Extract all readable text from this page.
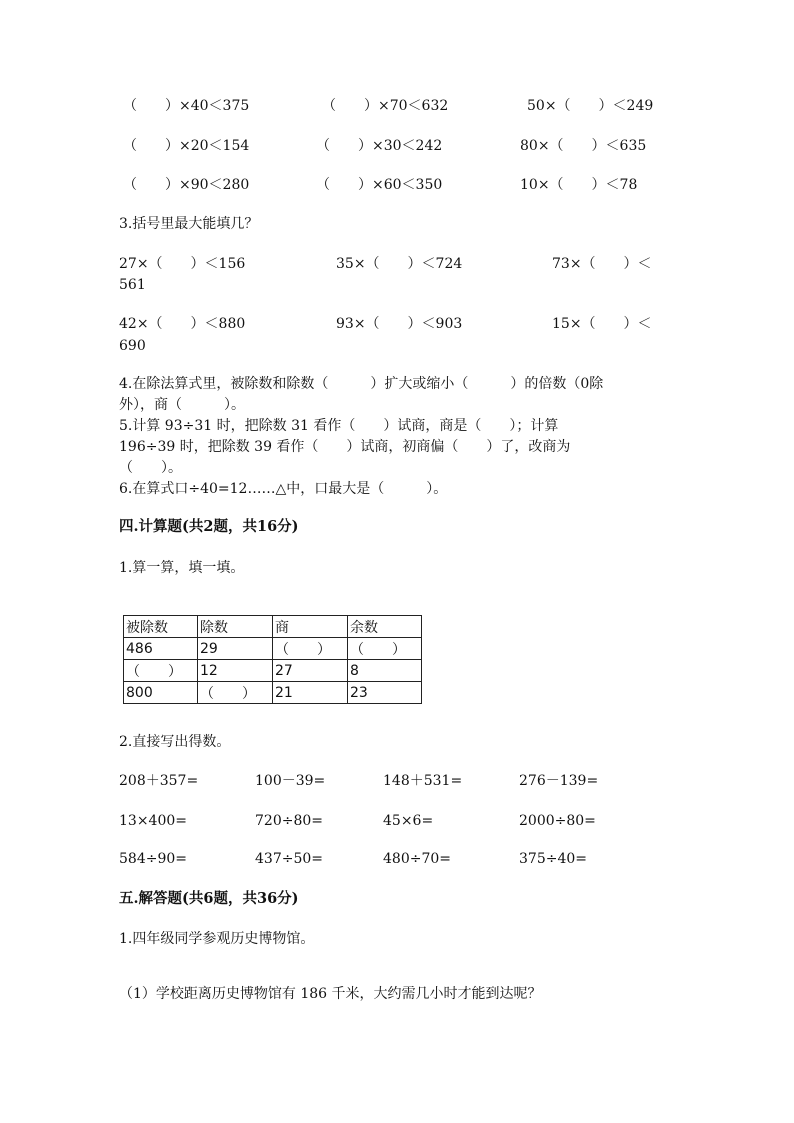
（　　）×40＜375	（　　）×70＜632	50×（　　）＜249
（　　）×20＜154	（　　）×30＜242	80×（　　）＜635
（　　）×90＜280	（　　）×60＜350	10×（　　）＜78
3.括号里最大能填几？
27×（　　）＜156	35×（　　）＜724	73×（　　）＜
561
42×（　　）＜880	93×（　　）＜903	15×（　　）＜
690
4.在除法算式里，被除数和除数（　　　）扩大或缩小（　　　）的倍数（0除
外），商（　　　）。
5.计算 93÷31 时，把除数 31 看作（　　）试商，商是（　　）；计算
196÷39 时，把除数 39 看作（　　）试商，初商偏（　　）了，改商为
（　　）。
6.在算式口÷40=12……△中，口最大是（　　　）。
四.计算题(共2题，共16分)
1.算一算，填一填。
被除数	除数	商	余数
486	29	（　　）	（　　）
（　　）	12	27	8
800	（　　）	21	23
2.直接写出得数。
208＋357=	100－39=	148＋531=	276－139=
13×400=	720÷80=	45×6=	2000÷80=
584÷90=	437÷50=	480÷70=	375÷40=
五.解答题(共6题，共36分)
1.四年级同学参观历史博物馆。
（1）学校距离历史博物馆有 186 千米，大约需几小时才能到达呢？
